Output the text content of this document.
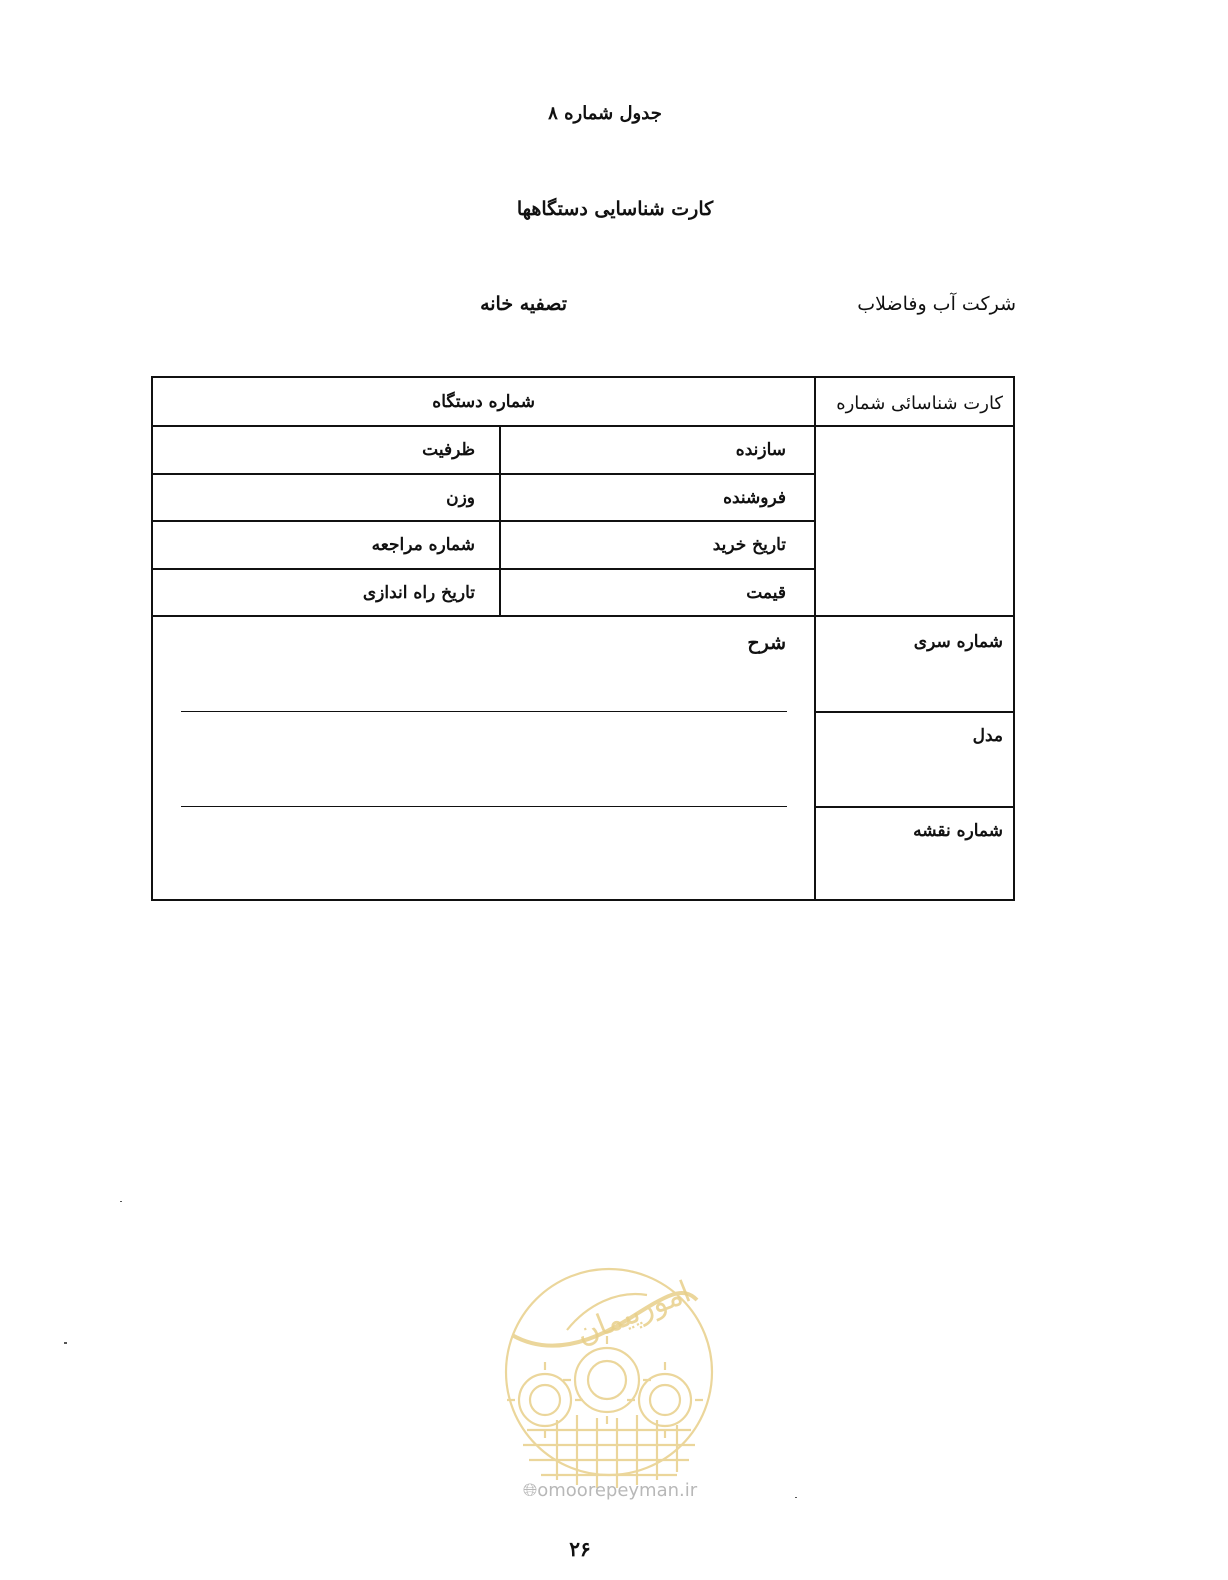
جدول شماره ۸
کارت شناسایی دستگاهها
شرکت آب وفاضلاب
تصفیه خانه
کارت شناسائی شماره
شماره دستگاه
سازنده
ظرفیت
فروشنده
وزن
تاریخ خرید
شماره مراجعه
قیمت
تاریخ راه اندازی
شماره سری
مدل
شماره نقشه
شرح
امورپیمان
🌐︎omoorepeyman.ir
۲۶
